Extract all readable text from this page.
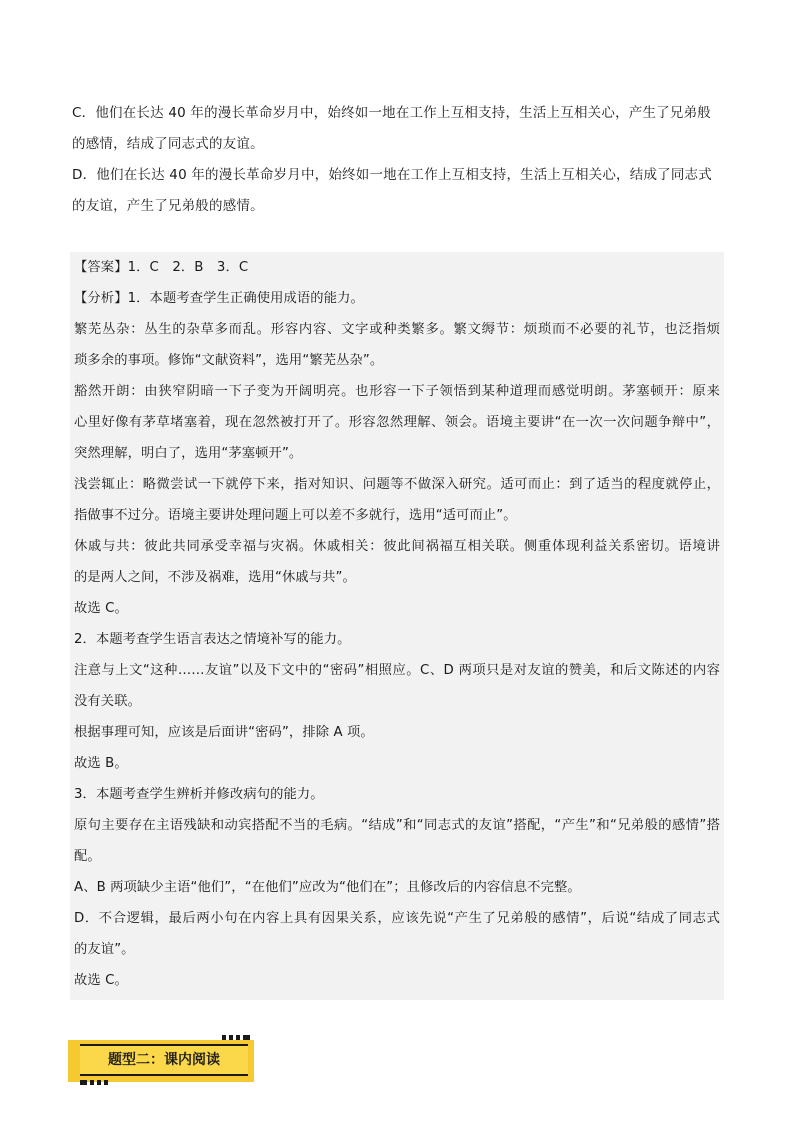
C．他们在长达 40 年的漫长革命岁月中，始终如一地在工作上互相支持，生活上互相关心，产生了兄弟般
的感情，结成了同志式的友谊。
D．他们在长达 40 年的漫长革命岁月中，始终如一地在工作上互相支持，生活上互相关心，结成了同志式
的友谊，产生了兄弟般的感情。
【答案】1．C　2．B　3．C
【分析】1．本题考查学生正确使用成语的能力。
繁芜丛杂：丛生的杂草多而乱。形容内容、文字或种类繁多。繁文缛节：烦琐而不必要的礼节，也泛指烦
琐多余的事项。修饰“文献资料”，选用“繁芜丛杂”。
豁然开朗：由狭窄阴暗一下子变为开阔明亮。也形容一下子领悟到某种道理而感觉明朗。茅塞顿开：原来
心里好像有茅草堵塞着，现在忽然被打开了。形容忽然理解、领会。语境主要讲“在一次一次问题争辩中”，
突然理解，明白了，选用“茅塞顿开”。
浅尝辄止：略微尝试一下就停下来，指对知识、问题等不做深入研究。适可而止：到了适当的程度就停止，
指做事不过分。语境主要讲处理问题上可以差不多就行，选用“适可而止”。
休戚与共：彼此共同承受幸福与灾祸。休戚相关：彼此间祸福互相关联。侧重体现利益关系密切。语境讲
的是两人之间，不涉及祸难，选用“休戚与共”。
故选 C。
2．本题考查学生语言表达之情境补写的能力。
注意与上文“这种……友谊”以及下文中的“密码”相照应。C、D 两项只是对友谊的赞美，和后文陈述的内容
没有关联。
根据事理可知，应该是后面讲“密码”，排除 A 项。
故选 B。
3．本题考查学生辨析并修改病句的能力。
原句主要存在主语残缺和动宾搭配不当的毛病。“结成”和“同志式的友谊”搭配，“产生”和“兄弟般的感情”搭
配。
A、B 两项缺少主语“他们”，“在他们”应改为“他们在”；且修改后的内容信息不完整。
D．不合逻辑，最后两小句在内容上具有因果关系，应该先说“产生了兄弟般的感情”，后说“结成了同志式
的友谊”。
故选 C。
题型二：课内阅读
